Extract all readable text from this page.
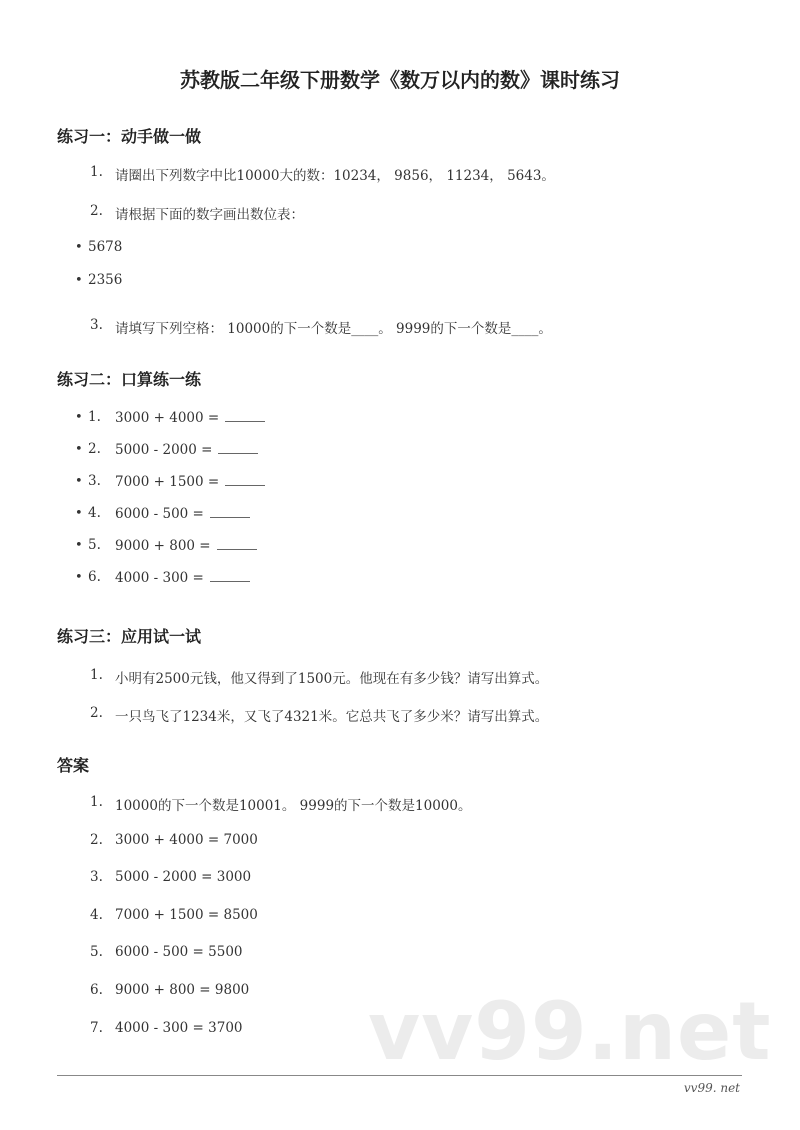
苏教版二年级下册数学《数万以内的数》课时练习
练习一：动手做一做
1. 请圈出下列数字中比10000大的数：10234， 9856， 11234， 5643。
2. 请根据下面的数字画出数位表：
• 5678
• 2356
3. 请填写下列空格： 10000的下一个数是____。 9999的下一个数是____。
练习二：口算练一练
• 1. 3000 + 4000 =
• 2. 5000 - 2000 =
• 3. 7000 + 1500 =
• 4. 6000 - 500 =
• 5. 9000 + 800 =
• 6. 4000 - 300 =
练习三：应用试一试
1. 小明有2500元钱，他又得到了1500元。他现在有多少钱？请写出算式。
2. 一只鸟飞了1234米，又飞了4321米。它总共飞了多少米？请写出算式。
vv99.net
答案
1. 10000的下一个数是10001。 9999的下一个数是10000。
2. 3000 + 4000 = 7000
3. 5000 - 2000 = 3000
4. 7000 + 1500 = 8500
5. 6000 - 500 = 5500
6. 9000 + 800 = 9800
7. 4000 - 300 = 3700
vv99. net
